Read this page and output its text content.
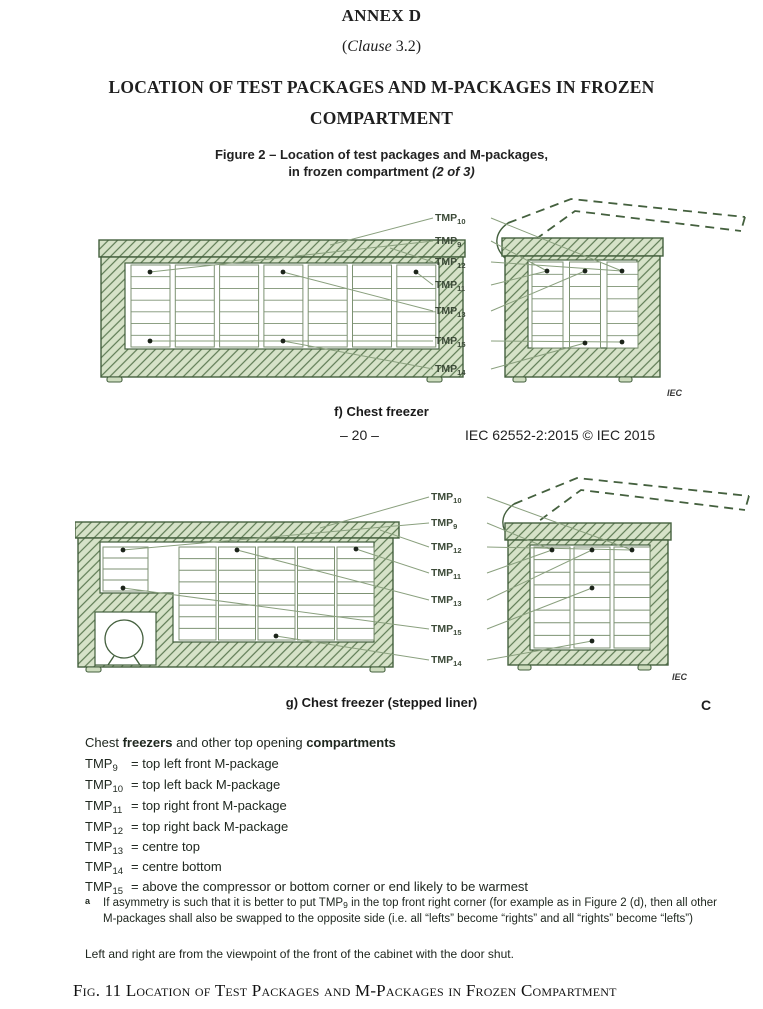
ANNEX D
(Clause 3.2)
LOCATION OF TEST PACKAGES AND M-PACKAGES IN FROZEN
COMPARTMENT
Figure 2 – Location of test packages and M-packages,
in frozen compartment (2 of 3)
$TMP_{10}$
$TMP_9$
$TMP_{12}$
$TMP_{11}$
$TMP_{13}$
$TMP_{15}$
$TMP_{14}$
IEC
f) Chest freezer
– 20 –	IEC 62552-2:2015 © IEC 2015
$TMP_{10}$
$TMP_9$
$TMP_{12}$
$TMP_{11}$
$TMP_{13}$
$TMP_{15}$
$TMP_{14}$
IEC
g) Chest freezer (stepped liner)	C
Chest freezers and other top opening compartments
$TMP_9$ = top left front M-package
$TMP_{10}$ = top left back M-package
$TMP_{11}$ = top right front M-package
$TMP_{12}$ = top right back M-package
$TMP_{13}$ = centre top
$TMP_{14}$ = centre bottom
$TMP_{15}$ = above the compressor or bottom corner or end likely to be warmest
a If asymmetry is such that it is better to put $TMP_9$ in the top front right corner (for example as in Figure 2 (d), then all other M-packages shall also be swapped to the opposite side (i.e. all “lefts” become “rights” and all “rights” become “lefts”)
Left and right are from the viewpoint of the front of the cabinet with the door shut.
Fig. 11 Location of Test Packages and M-Packages in Frozen Compartment
